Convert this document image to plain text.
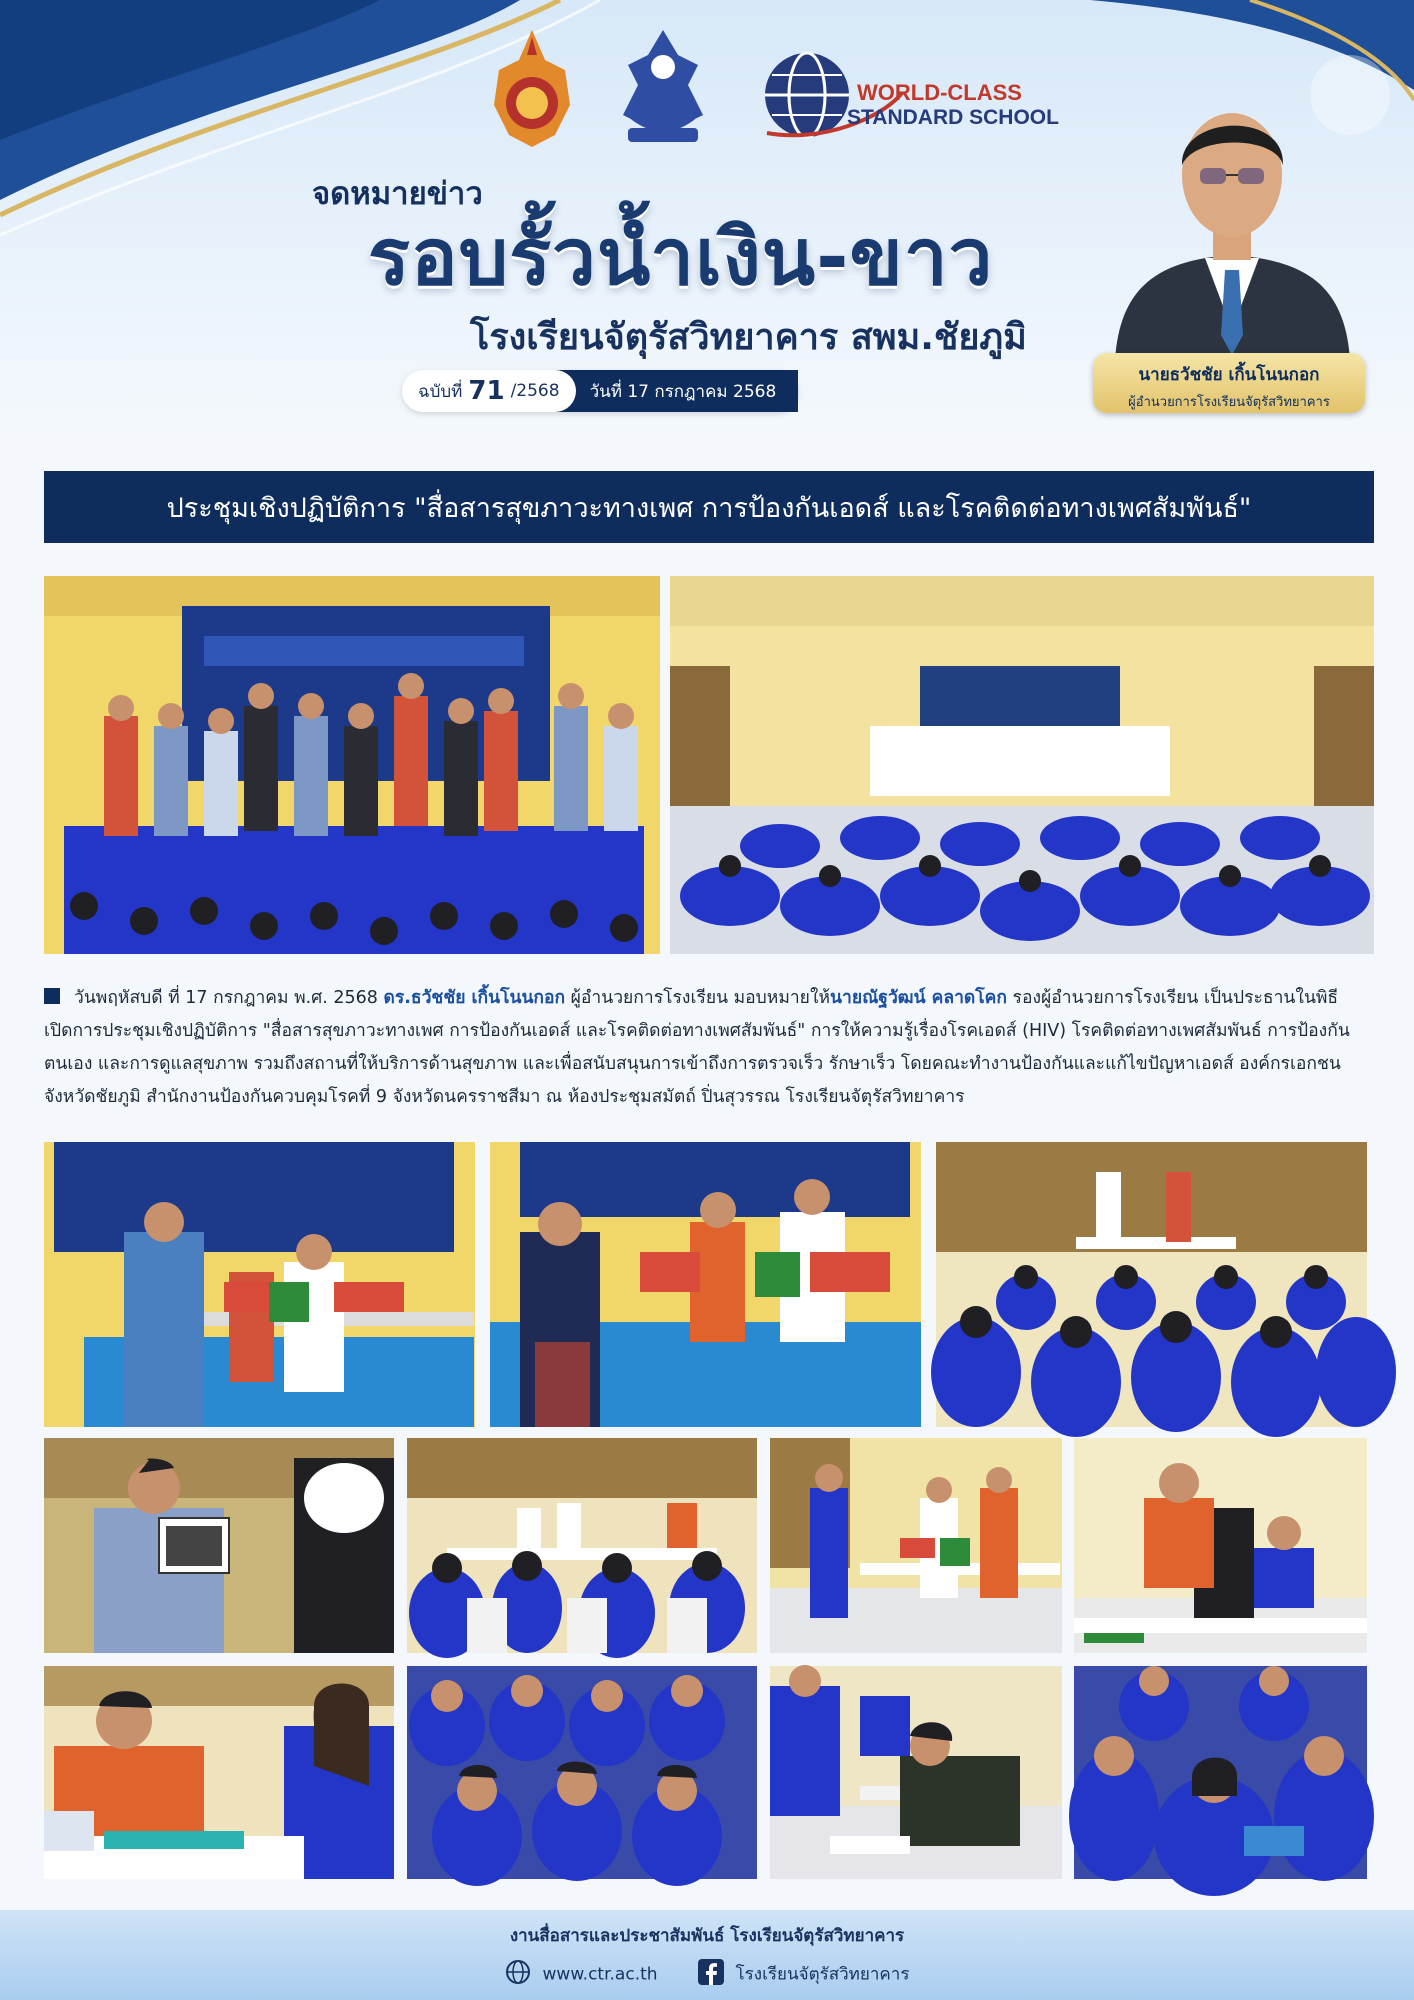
WORLD-CLASS
STANDARD SCHOOL
จดหมายข่าว
รอบรั้วน้ำเงิน-ขาว
โรงเรียนจัตุรัสวิทยาคาร สพม.ชัยภูมิ
ฉบับที่ 71 /2568	วันที่ 17 กรกฎาคม 2568
นายธวัชชัย เกิ้นโนนกอก
ผู้อำนวยการโรงเรียนจัตุรัสวิทยาคาร
ประชุมเชิงปฏิบัติการ "สื่อสารสุขภาวะทางเพศ การป้องกันเอดส์ และโรคติดต่อทางเพศสัมพันธ์"
วันพฤหัสบดี ที่ 17 กรกฎาคม พ.ศ. 2568 ดร.ธวัชชัย เกิ้นโนนกอก ผู้อำนวยการโรงเรียน มอบหมายให้นายณัฐวัฒน์ คลาดโคก รองผู้อำนวยการโรงเรียน เป็นประธานในพิธีเปิดการประชุมเชิงปฏิบัติการ "สื่อสารสุขภาวะทางเพศ การป้องกันเอดส์ และโรคติดต่อทางเพศสัมพันธ์" การให้ความรู้เรื่องโรคเอดส์ (HIV) โรคติดต่อทางเพศสัมพันธ์ การป้องกันตนเอง และการดูแลสุขภาพ รวมถึงสถานที่ให้บริการด้านสุขภาพ และเพื่อสนับสนุนการเข้าถึงการตรวจเร็ว รักษาเร็ว โดยคณะทำงานป้องกันและแก้ไขปัญหาเอดส์ องค์กรเอกชน จังหวัดชัยภูมิ สำนักงานป้องกันควบคุมโรคที่ 9 จังหวัดนครราชสีมา ณ ห้องประชุมสมัตถ์ ปิ่นสุวรรณ โรงเรียนจัตุรัสวิทยาคาร
งานสื่อสารและประชาสัมพันธ์ โรงเรียนจัตุรัสวิทยาคาร
www.ctr.ac.th	โรงเรียนจัตุรัสวิทยาคาร
